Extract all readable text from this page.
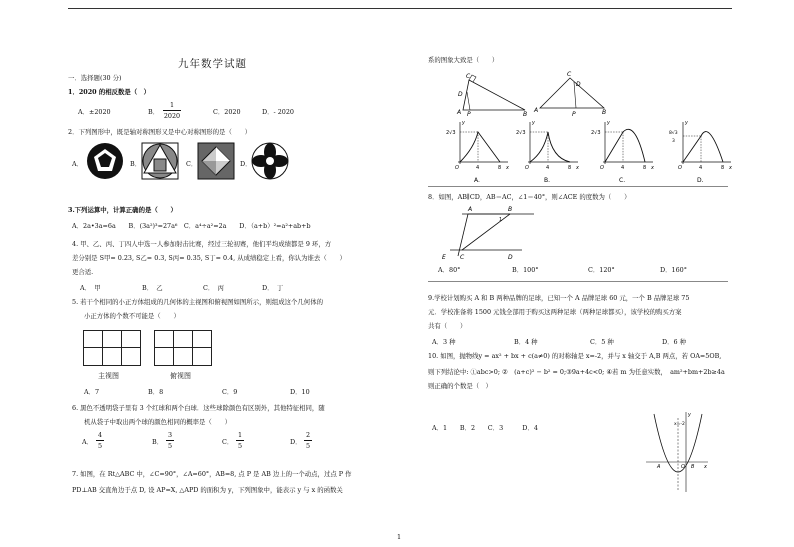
九年数学试题
一．选择题(30 分)
1．2020 的相反数是（　）
A．±2020	B．
1
2020	C．2020	D．- 2020
2．下列图形中，既是轴对称图形又是中心对称图形的是（　　）
A．	B．	C．	D．
3.下列运算中，计算正确的是（　　）
A．2a•3a=6a　　B．(3a²)³=27a⁶　C．a⁴÷a²=2a　　D．（a+b）²=a²+ab+b
4. 甲、乙、丙、丁四人中选一人参加射击比赛，经过三轮初赛，他们平均成绩都是 9 环，方
差分别是 S甲= 0.23, S乙= 0.3, S丙= 0.35, S丁= 0.4, 从成绩稳定上看，你认为谁去（　　）
更合适.
A．　甲	B．　乙	C．　丙	D．　丁
5. 若干个相同的小正方体组成的几何体的主视图和俯视图如图所示，则组成这个几何体的
小正方体的个数不可能是（　　）
主视图	俯视图
A．7	B．8	C．9	D．10
6. 黑色不透明袋子里有 3 个红球和两个白球．这些球除颜色有区别外，其他特征相同，随
机从袋子中取出两个球的颜色相同的概率是（　　）
A．
4
5	B．
3
5	C．
1
5	D．
2
5
7. 如图，在 Rt△ABC 中，∠C=90°，∠A=60°，AB=8, 点 P 是 AB 边上的一个动点，过点 P 作
PD⊥AB 交直角边于点 D, 设 AP=X, △APD 的面积为 y，下列图象中，能表示 y 与 x 的函数关
系的图象大致是（　　）
C
D
A P	B
C
D
A
P	B
2√3
O	4	8 x
y
A.
2√3
O	4	8 x
y
B.
2√3
O	4	8 x
y
C.
8√3
3
O	4	8 x
y
D.
8．如图，AB∥CD，AB＝AC，∠1＝40°，则∠ACE 的度数为（　　）
A	B
1
E C	D
A．80°	B．100°	C．120°	D．160°
9.学校计划购买 A 和 B 两种品牌的足球，已知一个 A 品牌足球 60 元，一个 B 品牌足球 75
元．学校准备将 1500 元钱全部用于购买这两种足球（两种足球都买），该学校的购买方案
共有（　　）
A．3 种	B．4 种	C．5 种	D．6 种
10. 如图，抛物线y = ax² + bx + c(a≠0) 的对称轴是 x=-2，并与 x 轴交于 A,B 两点，若 OA=5OB,
则下列结论中: ①abc>0; ②　(a+c)² − b² = 0;③9a+4c<0; ④若 m 为任意实数，　am²+bm+2b≥4a
则正确的个数是（　）
A．1　　B．2　　C．3　　　D．4
y
x
x=-2
A	B
O
1
